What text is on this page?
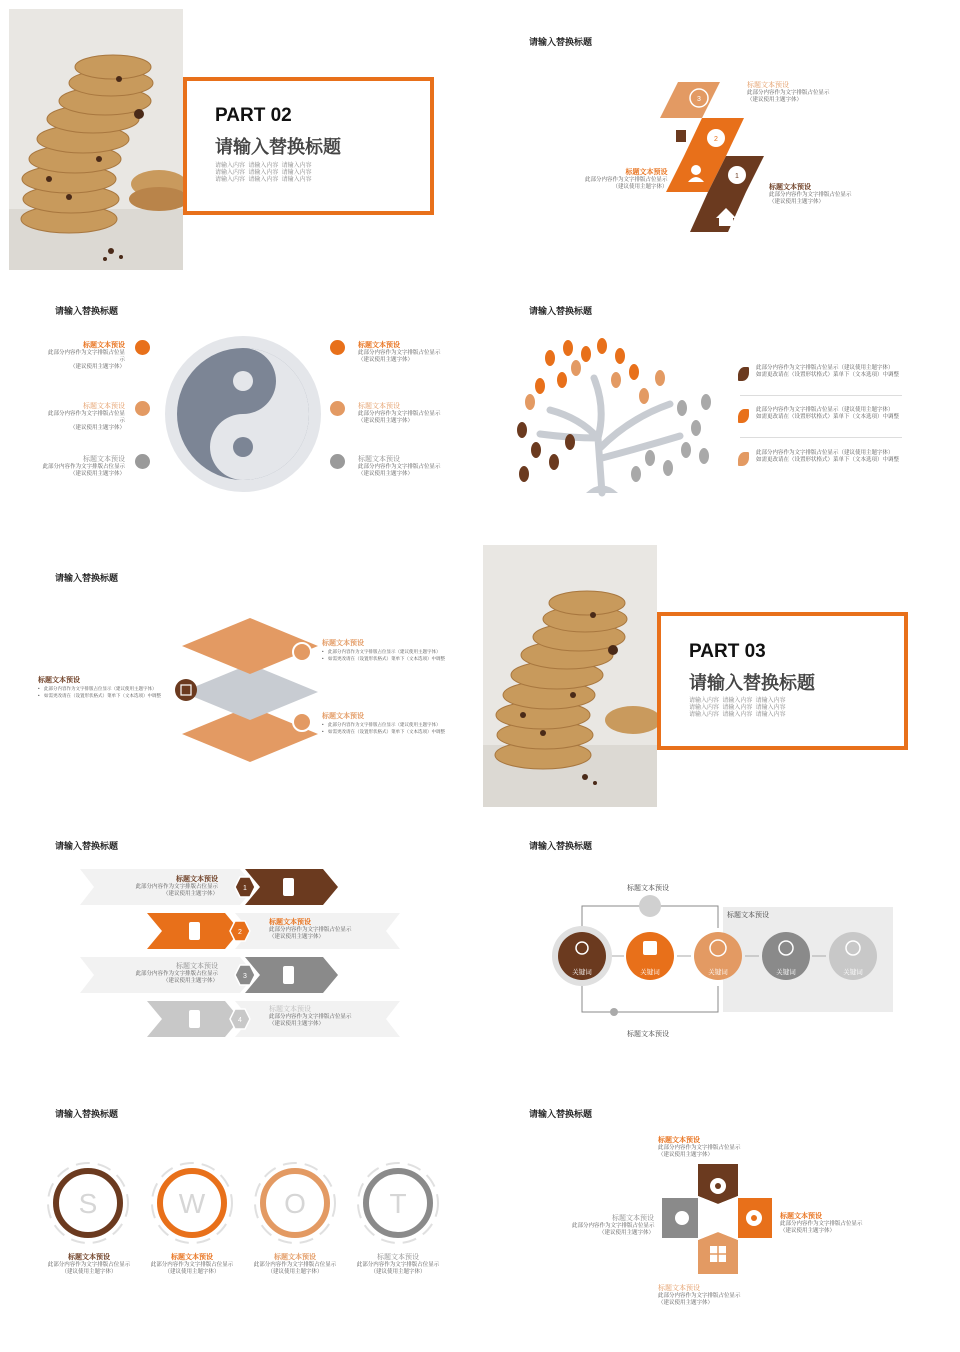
PART 02
请输入替换标题
请输入内容  请输入内容  请输入内容
请输入内容  请输入内容  请输入内容
请输入内容  请输入内容  请输入内容
请输入替换标题
3
2
1
标题文本预设
此部分内容作为文字排版占位显示
（建议使用主题字体）
标题文本预设
此部分内容作为文字排版占位显示
（建议使用主题字体）	标题文本预设
此部分内容作为文字排版占位显示
（建议使用主题字体）
请输入替换标题
标题文本预设
此部分内容作为文字排版占位显
示
（建议使用主题字体）
标题文本预设
此部分内容作为文字排版占位显
示
（建议使用主题字体）
标题文本预设
此部分内容作为文字排版占位显示
（建议使用主题字体）
标题文本预设
此部分内容作为文字排版占位显示
（建议使用主题字体）
标题文本预设
此部分内容作为文字排版占位显示
（建议使用主题字体）
标题文本预设
此部分内容作为文字排版占位显示
（建议使用主题字体）
请输入替换标题
此部分内容作为文字排版占位显示（建议使用主题字体）
如需更改请在（设置形状格式）菜单下（文本选项）中调整
此部分内容作为文字排版占位显示（建议使用主题字体）
如需更改请在（设置形状格式）菜单下（文本选项）中调整
此部分内容作为文字排版占位显示（建议使用主题字体）
如需更改请在（设置形状格式）菜单下（文本选项）中调整
请输入替换标题
标题文本预设
• 此部分内容作为文字排版占位显示（建议使用主题字体）
• 如需更改请在（设置形状格式）菜单下（文本选项）中调整
标题文本预设
• 此部分内容作为文字排版占位显示（建议使用主题字体）
• 如需更改请在（设置形状格式）菜单下（文本选项）中调整
标题文本预设
• 此部分内容作为文字排版占位显示（建议使用主题字体）
• 如需更改请在（设置形状格式）菜单下（文本选项）中调整
PART 03
请输入替换标题
请输入内容  请输入内容  请输入内容
请输入内容  请输入内容  请输入内容
请输入内容  请输入内容  请输入内容
请输入替换标题
1
2
3
4
标题文本预设
此部分内容作为文字排版占位显示
（建议使用主题字体）
标题文本预设
此部分内容作为文字排版占位显示
（建议使用主题字体）
标题文本预设
此部分内容作为文字排版占位显示
（建议使用主题字体）
标题文本预设
此部分内容作为文字排版占位显示
（建议使用主题字体）
请输入替换标题
标题文本预设
标题文本预设
标题文本预设
关键词	关键词	关键词	关键词	关键词
请输入替换标题
S	W	O	T
标题文本预设
此部分内容作为文字排版占位显示
（建议使用主题字体）
标题文本预设
此部分内容作为文字排版占位显示
（建议使用主题字体）
标题文本预设
此部分内容作为文字排版占位显示
（建议使用主题字体）
标题文本预设
此部分内容作为文字排版占位显示
（建议使用主题字体）
请输入替换标题
标题文本预设
此部分内容作为文字排版占位显示
（建议使用主题字体）
标题文本预设
此部分内容作为文字排版占位显示
（建议使用主题字体）
标题文本预设
此部分内容作为文字排版占位显示
（建议使用主题字体）
标题文本预设
此部分内容作为文字排版占位显示
（建议使用主题字体）
